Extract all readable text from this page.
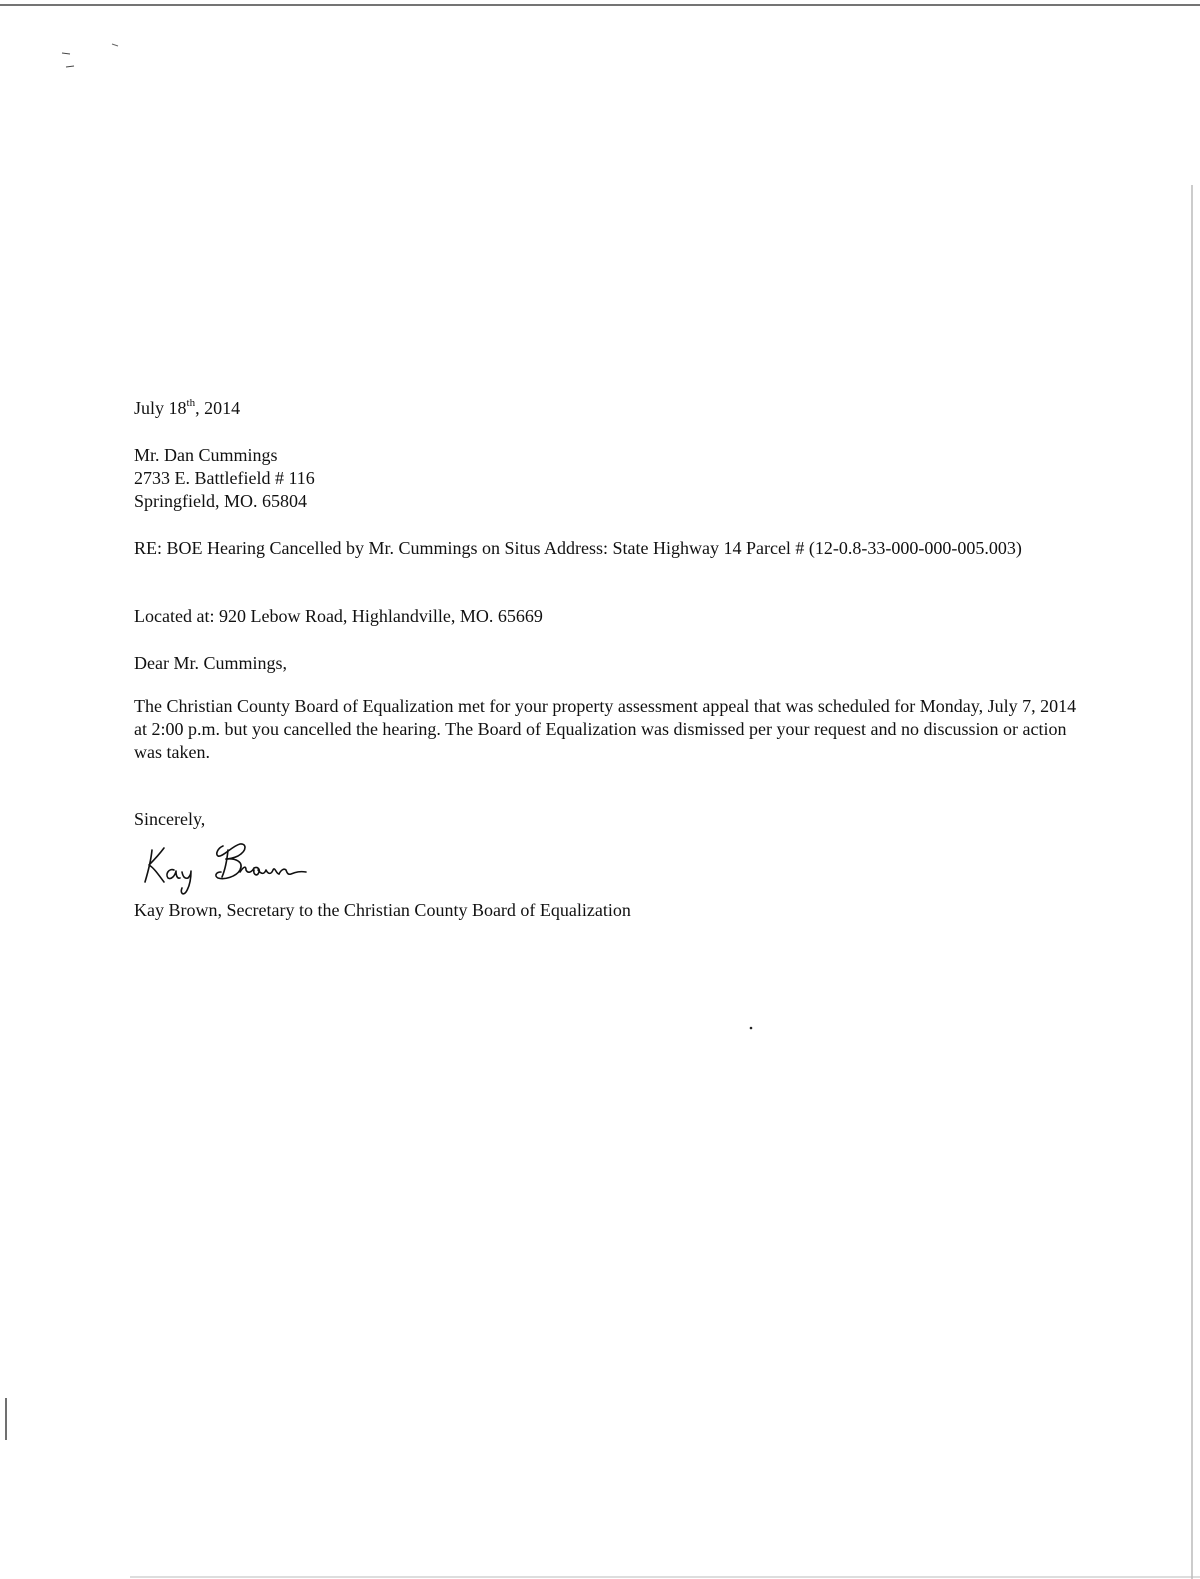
July 18th, 2014
Mr. Dan Cummings
2733 E. Battlefield # 116
Springfield, MO. 65804
RE: BOE Hearing Cancelled by Mr. Cummings on Situs Address: State Highway 14 Parcel # (12-0.8-33-000-000-005.003)
Located at: 920 Lebow Road, Highlandville, MO. 65669
Dear Mr. Cummings,
The Christian County Board of Equalization met for your property assessment appeal that was scheduled for Monday, July 7, 2014 at 2:00 p.m. but you cancelled the hearing. The Board of Equalization was dismissed per your request and no discussion or action was taken.
Sincerely,
Kay Brown, Secretary to the Christian County Board of Equalization
